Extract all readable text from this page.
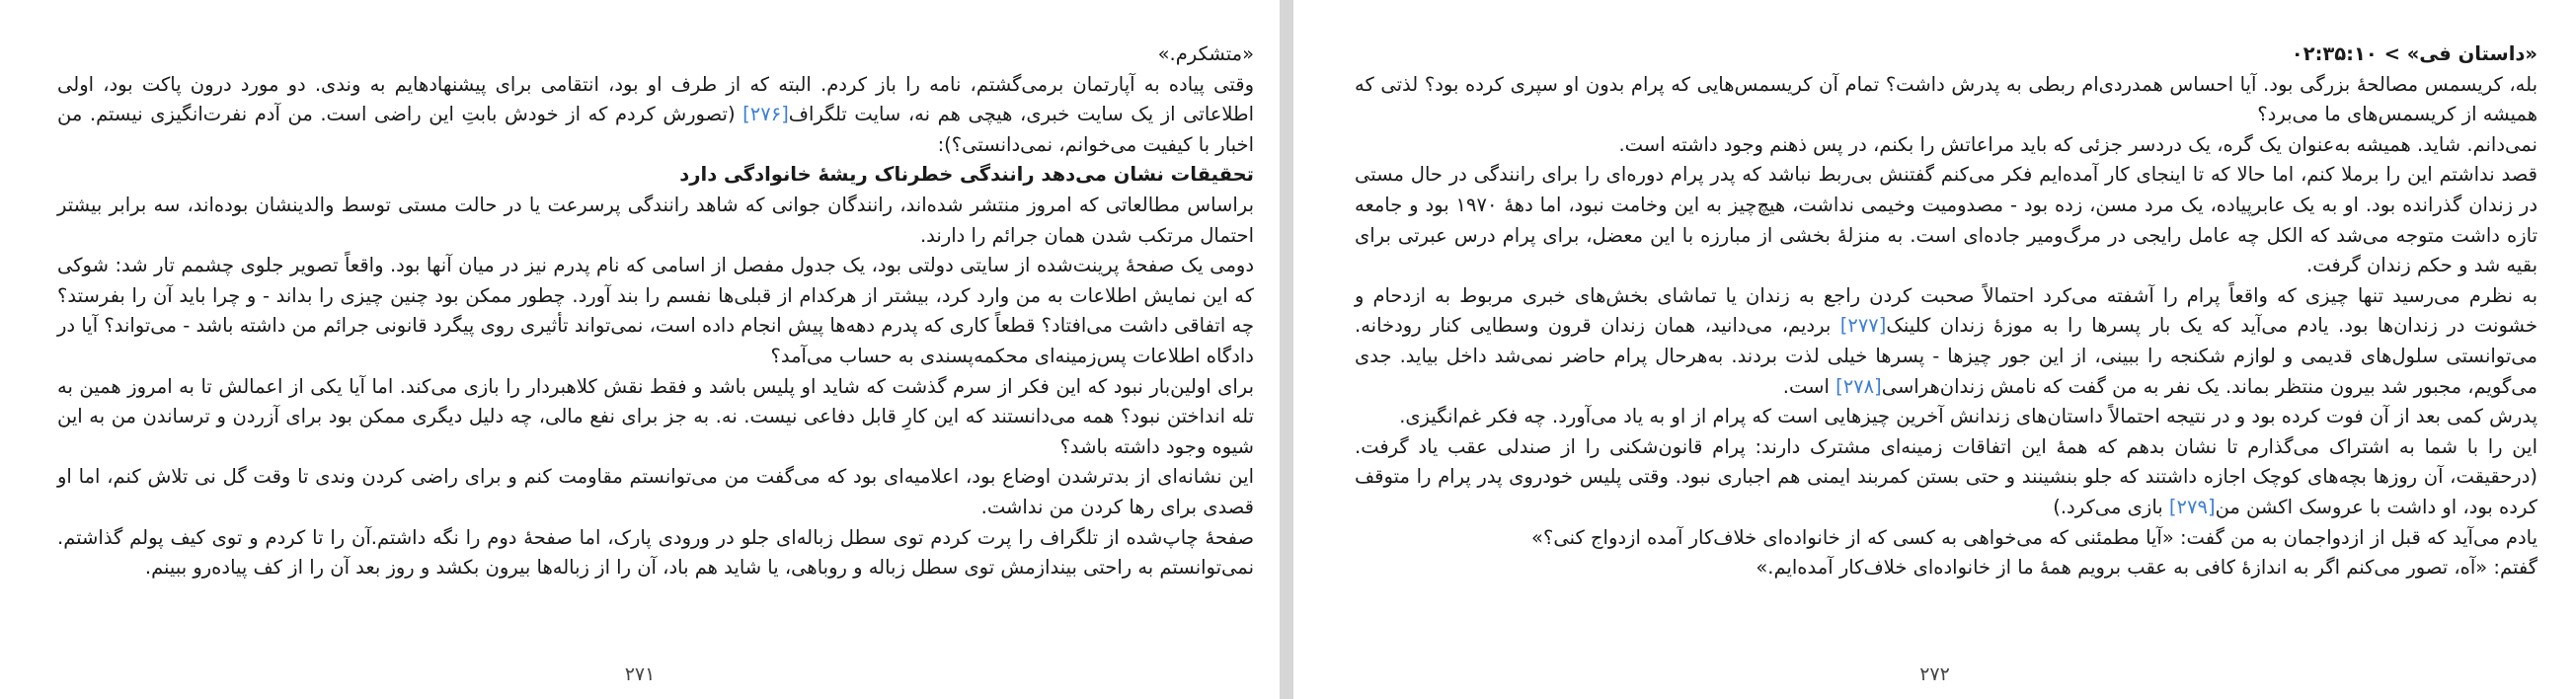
«متشکرم.»

وقتی پیاده به آپارتمان برمی‌گشتم، نامه را باز کردم. البته که از طرف او بود، انتقامی برای پیشنهادهایم به وندی. دو مورد درون پاکت بود، اولی اطلاعاتی از یک سایت خبری، هیچی هم نه، سایت تلگراف[۲۷۶] (تصورش کردم که از خودش بابتِ این راضی است. من آدم نفرت‌انگیزی نیستم. من اخبار با کیفیت می‌خوانم، نمی‌دانستی؟):

تحقیقات نشان می‌دهد رانندگی خطرناک ریشهٔ خانوادگی دارد

براساس مطالعاتی که امروز منتشر شده‌اند، رانندگان جوانی که شاهد رانندگی پرسرعت یا در حالت مستی توسط والدینشان بوده‌اند، سه برابر بیشتر احتمال مرتکب شدن همان جرائم را دارند.

دومی یک صفحهٔ پرینت‌شده از سایتی دولتی بود، یک جدول مفصل از اسامی که نام پدرم نیز در میان آنها بود. واقعاً تصویر جلوی چشمم تار شد: شوکی که این نمایش اطلاعات به من وارد کرد، بیشتر از هرکدام از قبلی‌ها نفسم را بند آورد. چطور ممکن بود چنین چیزی را بداند - و چرا باید آن را بفرستد؟ چه اتفاقی داشت می‌افتاد؟ قطعاً کاری که پدرم دهه‌ها پیش انجام داده است، نمی‌تواند تأثیری روی پیگرد قانونی جرائم من داشته باشد - می‌تواند؟ آیا در دادگاه اطلاعات پس‌زمینه‌ای محکمه‌پسندی به حساب می‌آمد؟

برای اولین‌بار نبود که این فکر از سرم گذشت که شاید او پلیس باشد و فقط نقش کلاهبردار را بازی می‌کند. اما آیا یکی از اعمالش تا به امروز همین به تله انداختن نبود؟ همه می‌دانستند که این کارِ قابل دفاعی نیست. نه. به جز برای نفع مالی، چه دلیل دیگری ممکن بود برای آزردن و ترساندن من به این شیوه وجود داشته باشد؟

این نشانه‌ای از بدترشدن اوضاع بود، اعلامیه‌ای بود که می‌گفت من می‌توانستم مقاومت کنم و برای راضی کردن وندی تا وقت گل نی تلاش کنم، اما او قصدی برای رها کردن من نداشت.

صفحهٔ چاپ‌شده از تلگراف را پرت کردم توی سطل زباله‌ای جلو در ورودی پارک، اما صفحهٔ دوم را نگه داشتم.آن را تا کردم و توی کیف پولم گذاشتم. نمی‌توانستم به راحتی بیندازمش توی سطل زباله و روباهی، یا شاید هم باد، آن را از زباله‌ها بیرون بکشد و روز بعد آن را از کف پیاده‌رو ببینم.

۲۷۱

«داستان فی» > ۰۲:۳۵:۱۰

بله، کریسمس مصالحهٔ بزرگی بود. آیا احساس همدردی‌ام ربطی به پدرش داشت؟ تمام آن کریسمس‌هایی که پرام بدون او سپری کرده بود؟ لذتی که همیشه از کریسمس‌های ما می‌برد؟

نمی‌دانم. شاید. همیشه به‌عنوان یک گره، یک دردسر جزئی که باید مراعاتش را بکنم، در پس ذهنم وجود داشته است.

قصد نداشتم این را برملا کنم، اما حالا که تا اینجای کار آمده‌ایم فکر می‌کنم گفتنش بی‌ربط نباشد که پدر پرام دوره‌ای را برای رانندگی در حال مستی در زندان گذرانده بود. او به یک عابرپیاده، یک مرد مسن، زده بود - مصدومیت وخیمی نداشت، هیچ‌چیز به این وخامت نبود، اما دههٔ ۱۹۷۰ بود و جامعه تازه داشت متوجه می‌شد که الکل چه عامل رایجی در مرگ‌ومیر جاده‌ای است. به منزلهٔ بخشی از مبارزه با این معضل، برای پرام درس عبرتی برای بقیه شد و حکم زندان گرفت.

به نظرم می‌رسید تنها چیزی که واقعاً پرام را آشفته می‌کرد احتمالاً صحبت کردن راجع به زندان یا تماشای بخش‌های خبری مربوط به ازدحام و خشونت در زندان‌ها بود. یادم می‌آید که یک بار پسرها را به موزهٔ زندان کلینک[۲۷۷] بردیم، می‌دانید، همان زندان قرون وسطایی کنار رودخانه. می‌توانستی سلول‌های قدیمی و لوازم شکنجه را ببینی، از این جور چیزها - پسرها خیلی لذت بردند. به‌هرحال پرام حاضر نمی‌شد داخل بیاید. جدی می‌گویم، مجبور شد بیرون منتظر بماند. یک نفر به من گفت که نامش زندان‌هراسی[۲۷۸] است.

پدرش کمی بعد از آن فوت کرده بود و در نتیجه احتمالاً داستان‌های زندانش آخرین چیزهایی است که پرام از او به یاد می‌آورد. چه فکر غم‌انگیزی.

این را با شما به اشتراک می‌گذارم تا نشان بدهم که همهٔ این اتفاقات زمینه‌ای مشترک دارند: پرام قانون‌شکنی را از صندلی عقب یاد گرفت. (درحقیقت، آن روزها بچه‌های کوچک اجازه داشتند که جلو بنشینند و حتی بستن کمربند ایمنی هم اجباری نبود. وقتی پلیس خودروی پدر پرام را متوقف کرده بود، او داشت با عروسک اکشن من[۲۷۹] بازی می‌کرد.)

یادم می‌آید که قبل از ازدواجمان به من گفت: «آیا مطمئنی که می‌خواهی به کسی که از خانواده‌ای خلاف‌کار آمده ازدواج کنی؟»

گفتم: «آه، تصور می‌کنم اگر به اندازهٔ کافی به عقب برویم همهٔ ما از خانواده‌ای خلاف‌کار آمده‌ایم.»

۲۷۲
